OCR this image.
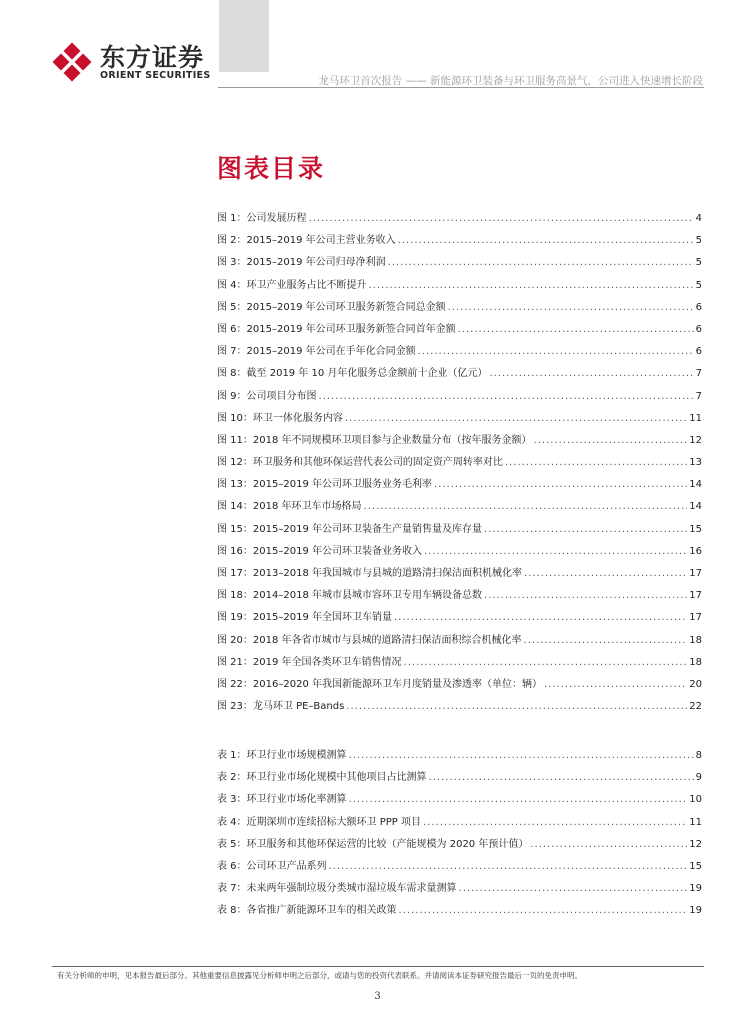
东方证券
ORIENT SECURITIES	龙马环卫首次报告 —— 新能源环卫装备与环卫服务高景气，公司进入快速增长阶段
图表目录
图 1：公司发展历程 .....	4
图 2：2015–2019 年公司主营业务收入 .....	5
图 3：2015–2019 年公司归母净利润 .....	5
图 4：环卫产业服务占比不断提升 .....	5
图 5：2015–2019 年公司环卫服务新签合同总金额 .....	6
图 6：2015–2019 年公司环卫服务新签合同首年金额 .....	6
图 7：2015–2019 年公司在手年化合同金额 .....	6
图 8：截至 2019 年 10 月年化服务总金额前十企业（亿元） .....	7
图 9：公司项目分布图 .....	7
图 10：环卫一体化服务内容 .....	11
图 11：2018 年不同规模环卫项目参与企业数量分布（按年服务金额） .....	12
图 12：环卫服务和其他环保运营代表公司的固定资产周转率对比 .....	13
图 13：2015–2019 年公司环卫服务业务毛利率 .....	14
图 14：2018 年环卫车市场格局 .....	14
图 15：2015–2019 年公司环卫装备生产量销售量及库存量 .....	15
图 16：2015–2019 年公司环卫装备业务收入 .....	16
图 17：2013–2018 年我国城市与县城的道路清扫保洁面积机械化率 .....	17
图 18：2014–2018 年城市县城市容环卫专用车辆设备总数 .....	17
图 19：2015–2019 年全国环卫车销量 .....	17
图 20：2018 年各省市城市与县城的道路清扫保洁面积综合机械化率 .....	18
图 21：2019 年全国各类环卫车销售情况 .....	18
图 22：2016–2020 年我国新能源环卫车月度销量及渗透率（单位：辆） .....	20
图 23：龙马环卫 PE–Bands .....	22
表 1：环卫行业市场规模测算 .....	8
表 2：环卫行业市场化规模中其他项目占比测算 .....	9
表 3：环卫行业市场化率测算 .....	10
表 4：近期深圳市连续招标大额环卫 PPP 项目 .....	11
表 5：环卫服务和其他环保运营的比较（产能规模为 2020 年预计值） .....	12
表 6：公司环卫产品系列 .....	15
表 7：未来两年强制垃圾分类城市湿垃圾车需求量测算 .....	19
表 8：各省推广新能源环卫车的相关政策 .....	19
有关分析师的申明，见本报告最后部分。其他重要信息披露见分析师申明之后部分，或请与您的投资代表联系。并请阅读本证券研究报告最后一页的免责申明。
3
